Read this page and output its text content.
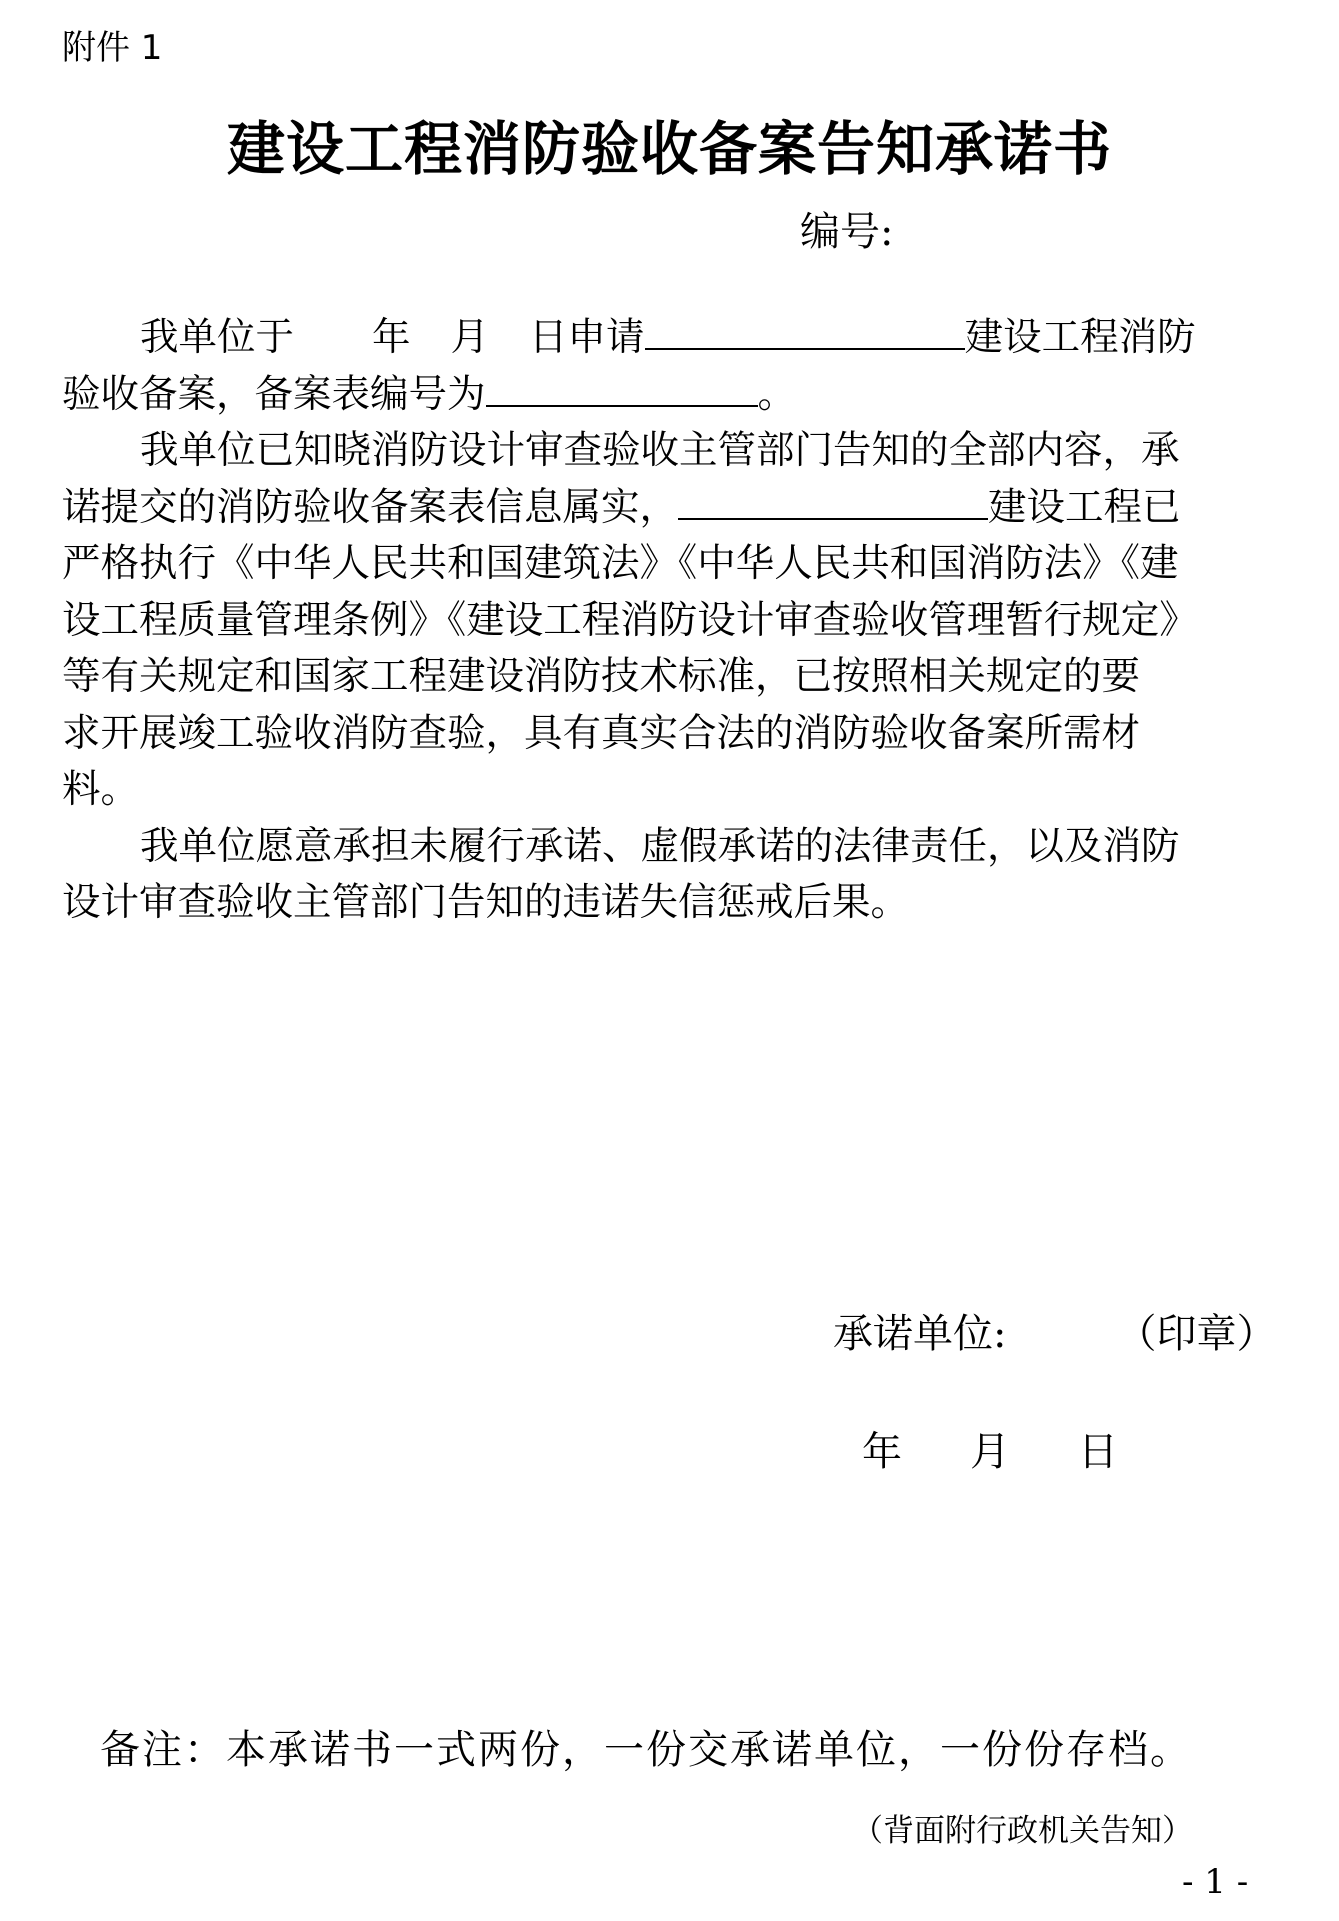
附件 1
建设工程消防验收备案告知承诺书
编号:
我单位于 年 月 日申请	建设工程消防
验收备案，备案表编号为	。
我单位已知晓消防设计审查验收主管部门告知的全部内容，承
诺提交的消防验收备案表信息属实，	建设工程已
严格执行《中华人民共和国建筑法》《中华人民共和国消防法》《建
设工程质量管理条例》《建设工程消防设计审查验收管理暂行规定》
等有关规定和国家工程建设消防技术标准，已按照相关规定的要
求开展竣工验收消防查验，具有真实合法的消防验收备案所需材
料。
我单位愿意承担未履行承诺、虚假承诺的法律责任，以及消防
设计审查验收主管部门告知的违诺失信惩戒后果。
承诺单位:	（印章）
年 月 日
备注：本承诺书一式两份，一份交承诺单位，一份份存档。
（背面附行政机关告知）
- 1 -
